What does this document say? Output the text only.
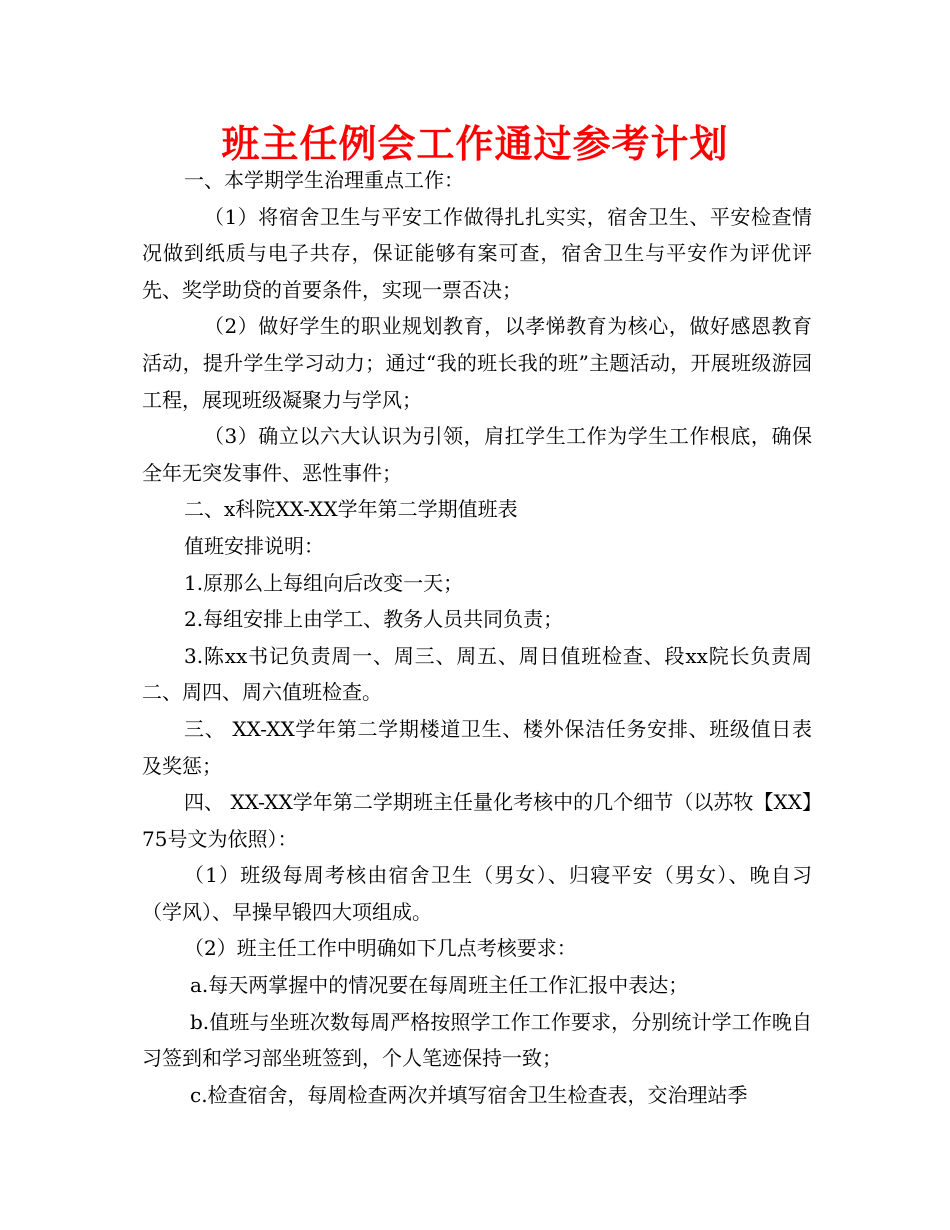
班主任例会工作通过参考计划

一、本学期学生治理重点工作：

（1）将宿舍卫生与平安工作做得扎扎实实，宿舍卫生、平安检查情况做到纸质与电子共存，保证能够有案可查，宿舍卫生与平安作为评优评先、奖学助贷的首要条件，实现一票否决；

（2）做好学生的职业规划教育，以孝悌教育为核心，做好感恩教育活动，提升学生学习动力；通过“我的班长我的班”主题活动，开展班级游园工程，展现班级凝聚力与学风；

（3）确立以六大认识为引领，肩扛学生工作为学生工作根底，确保全年无突发事件、恶性事件；

二、x科院XX-XX学年第二学期值班表

值班安排说明：

1.原那么上每组向后改变一天；

2.每组安排上由学工、教务人员共同负责；

3.陈xx书记负责周一、周三、周五、周日值班检查、段xx院长负责周二、周四、周六值班检查。

三、 XX-XX学年第二学期楼道卫生、楼外保洁任务安排、班级值日表及奖惩；

四、 XX-XX学年第二学期班主任量化考核中的几个细节（以苏牧【XX】75号文为依照）：

（1）班级每周考核由宿舍卫生（男女）、归寝平安（男女）、晚自习（学风）、早操早锻四大项组成。

（2）班主任工作中明确如下几点考核要求：

a.每天两掌握中的情况要在每周班主任工作汇报中表达；

b.值班与坐班次数每周严格按照学工作工作要求，分别统计学工作晚自习签到和学习部坐班签到，个人笔迹保持一致；

c.检查宿舍，每周检查两次并填写宿舍卫生检查表，交治理站季
